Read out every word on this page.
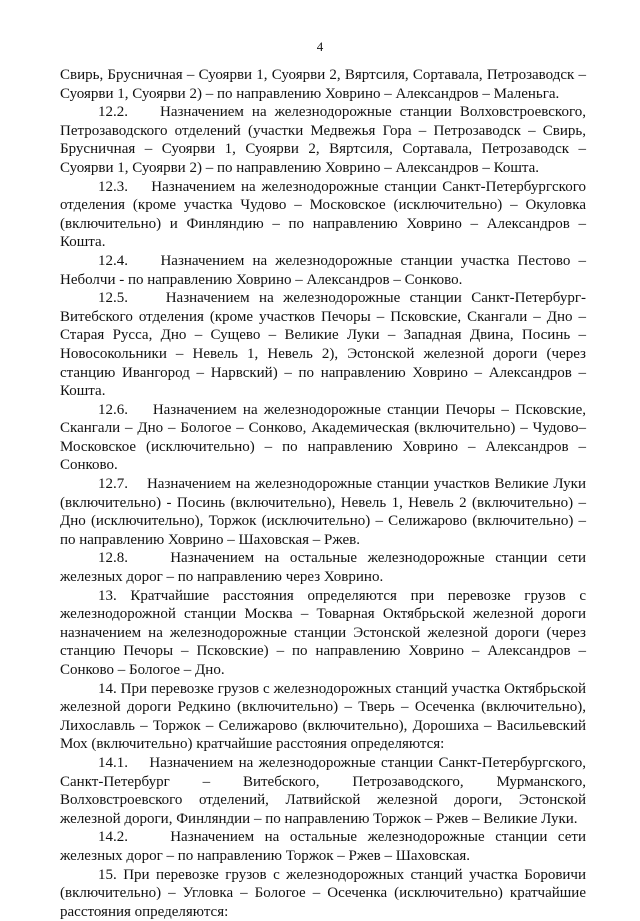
4

Свирь, Брусничная – Суоярви 1, Суоярви 2, Вяртсиля, Сортавала, Петрозаводск – Суоярви 1, Суоярви 2) – по направлению Ховрино – Александров – Маленьга.

12.2.    Назначением на железнодорожные станции Волховстроевского, Петрозаводского отделений (участки Медвежья Гора – Петрозаводск – Свирь, Брусничная – Суоярви 1, Суоярви 2, Вяртсиля, Сортавала, Петрозаводск –Суоярви 1, Суоярви 2) – по направлению Ховрино – Александров – Кошта.

12.3.    Назначением на железнодорожные станции Санкт-Петербургского отделения (кроме участка Чудово – Московское (исключительно) – Окуловка (включительно) и Финляндию – по направлению Ховрино – Александров – Кошта.

12.4.    Назначением на железнодорожные станции участка Пестово – Неболчи - по направлению Ховрино – Александров – Сонково.

12.5.    Назначением на железнодорожные станции Санкт-Петербург-Витебского отделения (кроме участков Печоры – Псковские, Скангали – Дно – Старая Русса, Дно – Сущево – Великие Луки – Западная Двина, Посинь – Новосокольники – Невель 1, Невель 2), Эстонской железной дороги (через станцию Ивангород – Нарвский) – по направлению Ховрино – Александров – Кошта.

12.6.    Назначением на железнодорожные станции Печоры – Псковские, Скангали – Дно – Бологое – Сонково, Академическая (включительно) – Чудово–Московское (исключительно) – по направлению Ховрино – Александров – Сонково.

12.7.    Назначением на железнодорожные станции участков Великие Луки (включительно) - Посинь (включительно), Невель 1, Невель 2 (включительно) – Дно (исключительно), Торжок (исключительно) – Селижарово (включительно) – по направлению Ховрино – Шаховская – Ржев.

12.8.    Назначением на остальные железнодорожные станции сети железных дорог – по направлению через Ховрино.

13. Кратчайшие расстояния определяются при перевозке грузов с железнодорожной станции Москва – Товарная Октябрьской железной дороги назначением на железнодорожные станции Эстонской железной дороги (через станцию Печоры – Псковские) – по направлению Ховрино – Александров – Сонково – Бологое – Дно.

14. При перевозке грузов с железнодорожных станций участка Октябрьской железной дороги Редкино (включительно) – Тверь – Осеченка (включительно), Лихославль – Торжок – Селижарово (включительно), Дорошиха – Васильевский Мох (включительно) кратчайшие расстояния определяются:

14.1.    Назначением на железнодорожные станции Санкт-Петербургского, Санкт-Петербург – Витебского, Петрозаводского, Мурманского, Волховстроевского отделений, Латвийской железной дороги, Эстонской железной дороги, Финляндии – по направлению Торжок – Ржев – Великие Луки.

14.2.    Назначением на остальные железнодорожные станции сети железных дорог – по направлению Торжок – Ржев – Шаховская.

15. При перевозке грузов с железнодорожных станций участка Боровичи (включительно) – Угловка – Бологое – Осеченка (исключительно) кратчайшие расстояния определяются:
